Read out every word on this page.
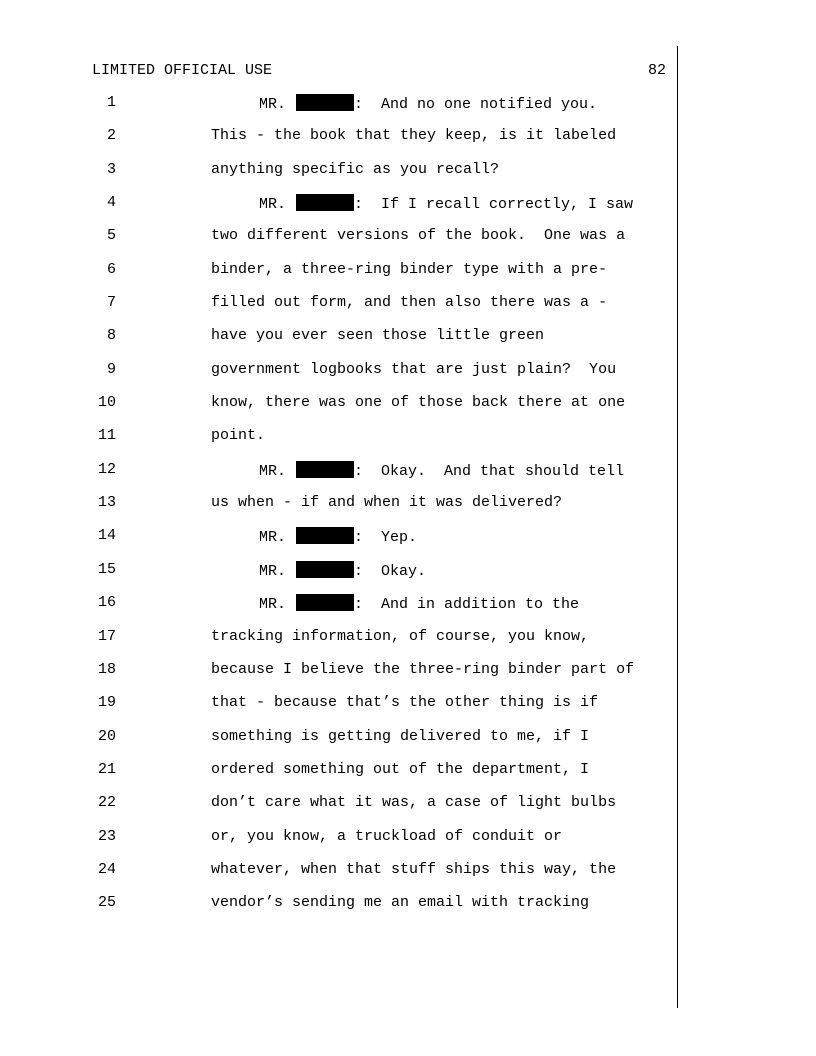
LIMITED OFFICIAL USE	82
1	MR.	:  And no one notified you.
2	This - the book that they keep, is it labeled
3	anything specific as you recall?
4	MR.	:  If I recall correctly, I saw
5	two different versions of the book.  One was a
6	binder, a three-ring binder type with a pre-
7	filled out form, and then also there was a -
8	have you ever seen those little green
9	government logbooks that are just plain?  You
10	know, there was one of those back there at one
11	point.
12	MR.	:  Okay.  And that should tell
13	us when - if and when it was delivered?
14	MR.	:  Yep.
15	MR.	:  Okay.
16	MR.	:  And in addition to the
17	tracking information, of course, you know,
18	because I believe the three-ring binder part of
19	that - because that’s the other thing is if
20	something is getting delivered to me, if I
21	ordered something out of the department, I
22	don’t care what it was, a case of light bulbs
23	or, you know, a truckload of conduit or
24	whatever, when that stuff ships this way, the
25	vendor’s sending me an email with tracking
